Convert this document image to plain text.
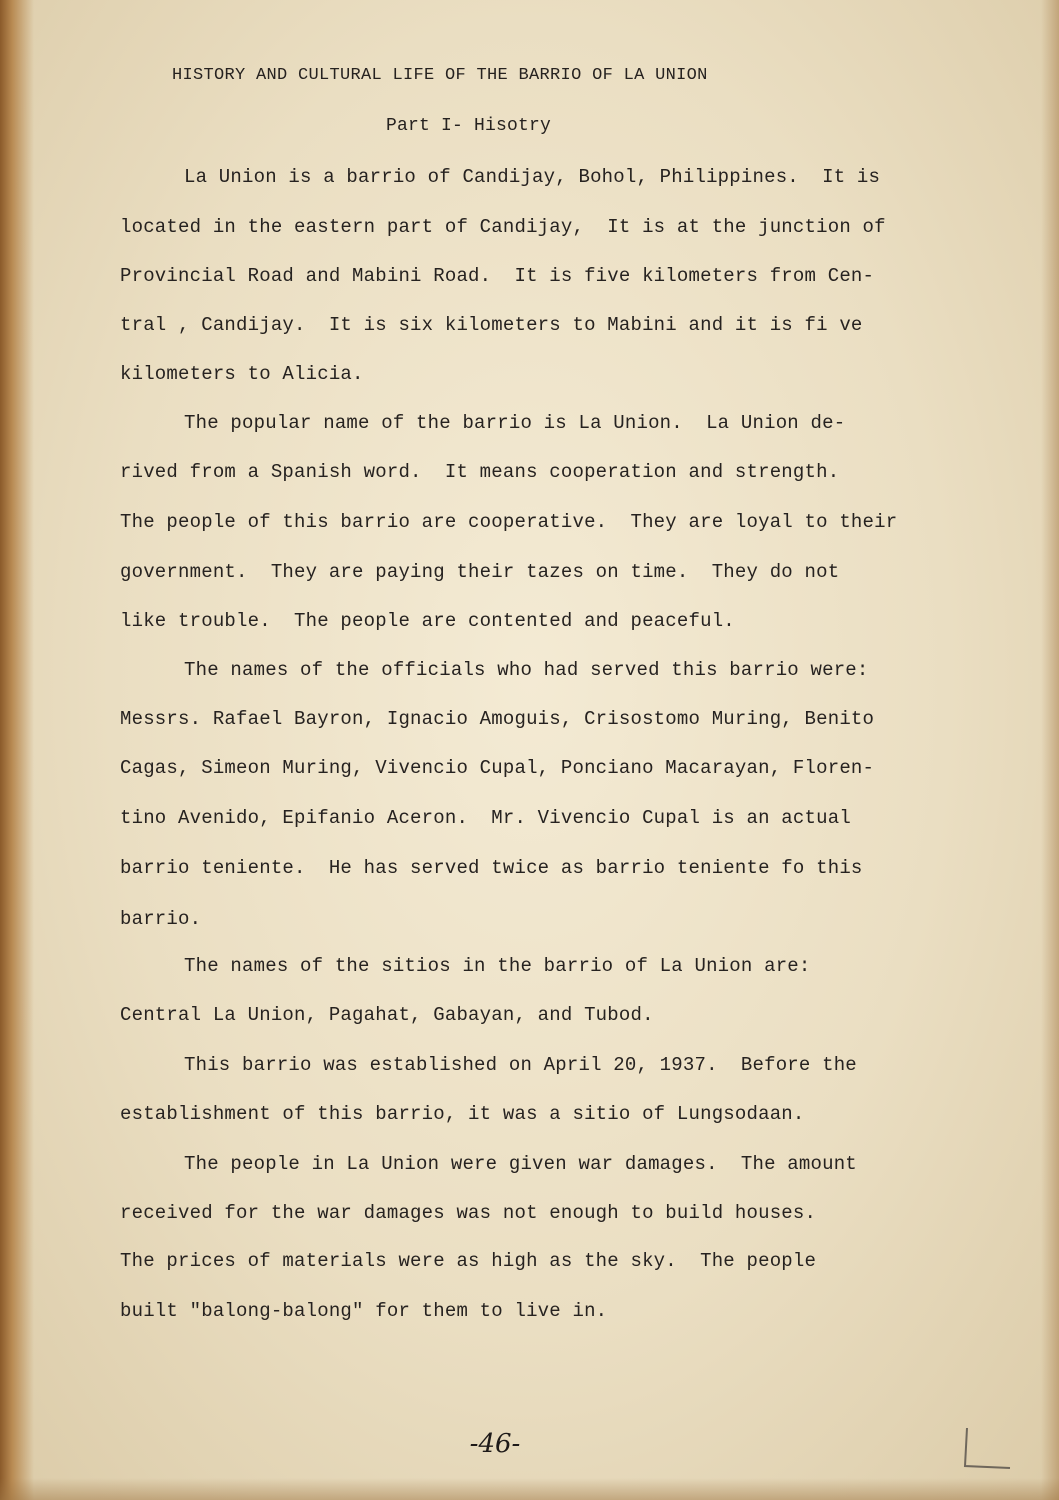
HISTORY AND CULTURAL LIFE OF THE BARRIO OF LA UNION
Part I- Hisotry
La Union is a barrio of Candijay, Bohol, Philippines.  It is
located in the eastern part of Candijay,  It is at the junction of
Provincial Road and Mabini Road.  It is five kilometers from Cen-
tral , Candijay.  It is six kilometers to Mabini and it is fi ve
kilometers to Alicia.
The popular name of the barrio is La Union.  La Union de-
rived from a Spanish word.  It means cooperation and strength.
The people of this barrio are cooperative.  They are loyal to their
government.  They are paying their tazes on time.  They do not
like trouble.  The people are contented and peaceful.
The names of the officials who had served this barrio were:
Messrs. Rafael Bayron, Ignacio Amoguis, Crisostomo Muring, Benito
Cagas, Simeon Muring, Vivencio Cupal, Ponciano Macarayan, Floren-
tino Avenido, Epifanio Aceron.  Mr. Vivencio Cupal is an actual
barrio teniente.  He has served twice as barrio teniente fo this
barrio.
The names of the sitios in the barrio of La Union are:
Central La Union, Pagahat, Gabayan, and Tubod.
This barrio was established on April 20, 1937.  Before the
establishment of this barrio, it was a sitio of Lungsodaan.
The people in La Union were given war damages.  The amount
received for the war damages was not enough to build houses.
The prices of materials were as high as the sky.  The people
built "balong-balong" for them to live in.
-46-
